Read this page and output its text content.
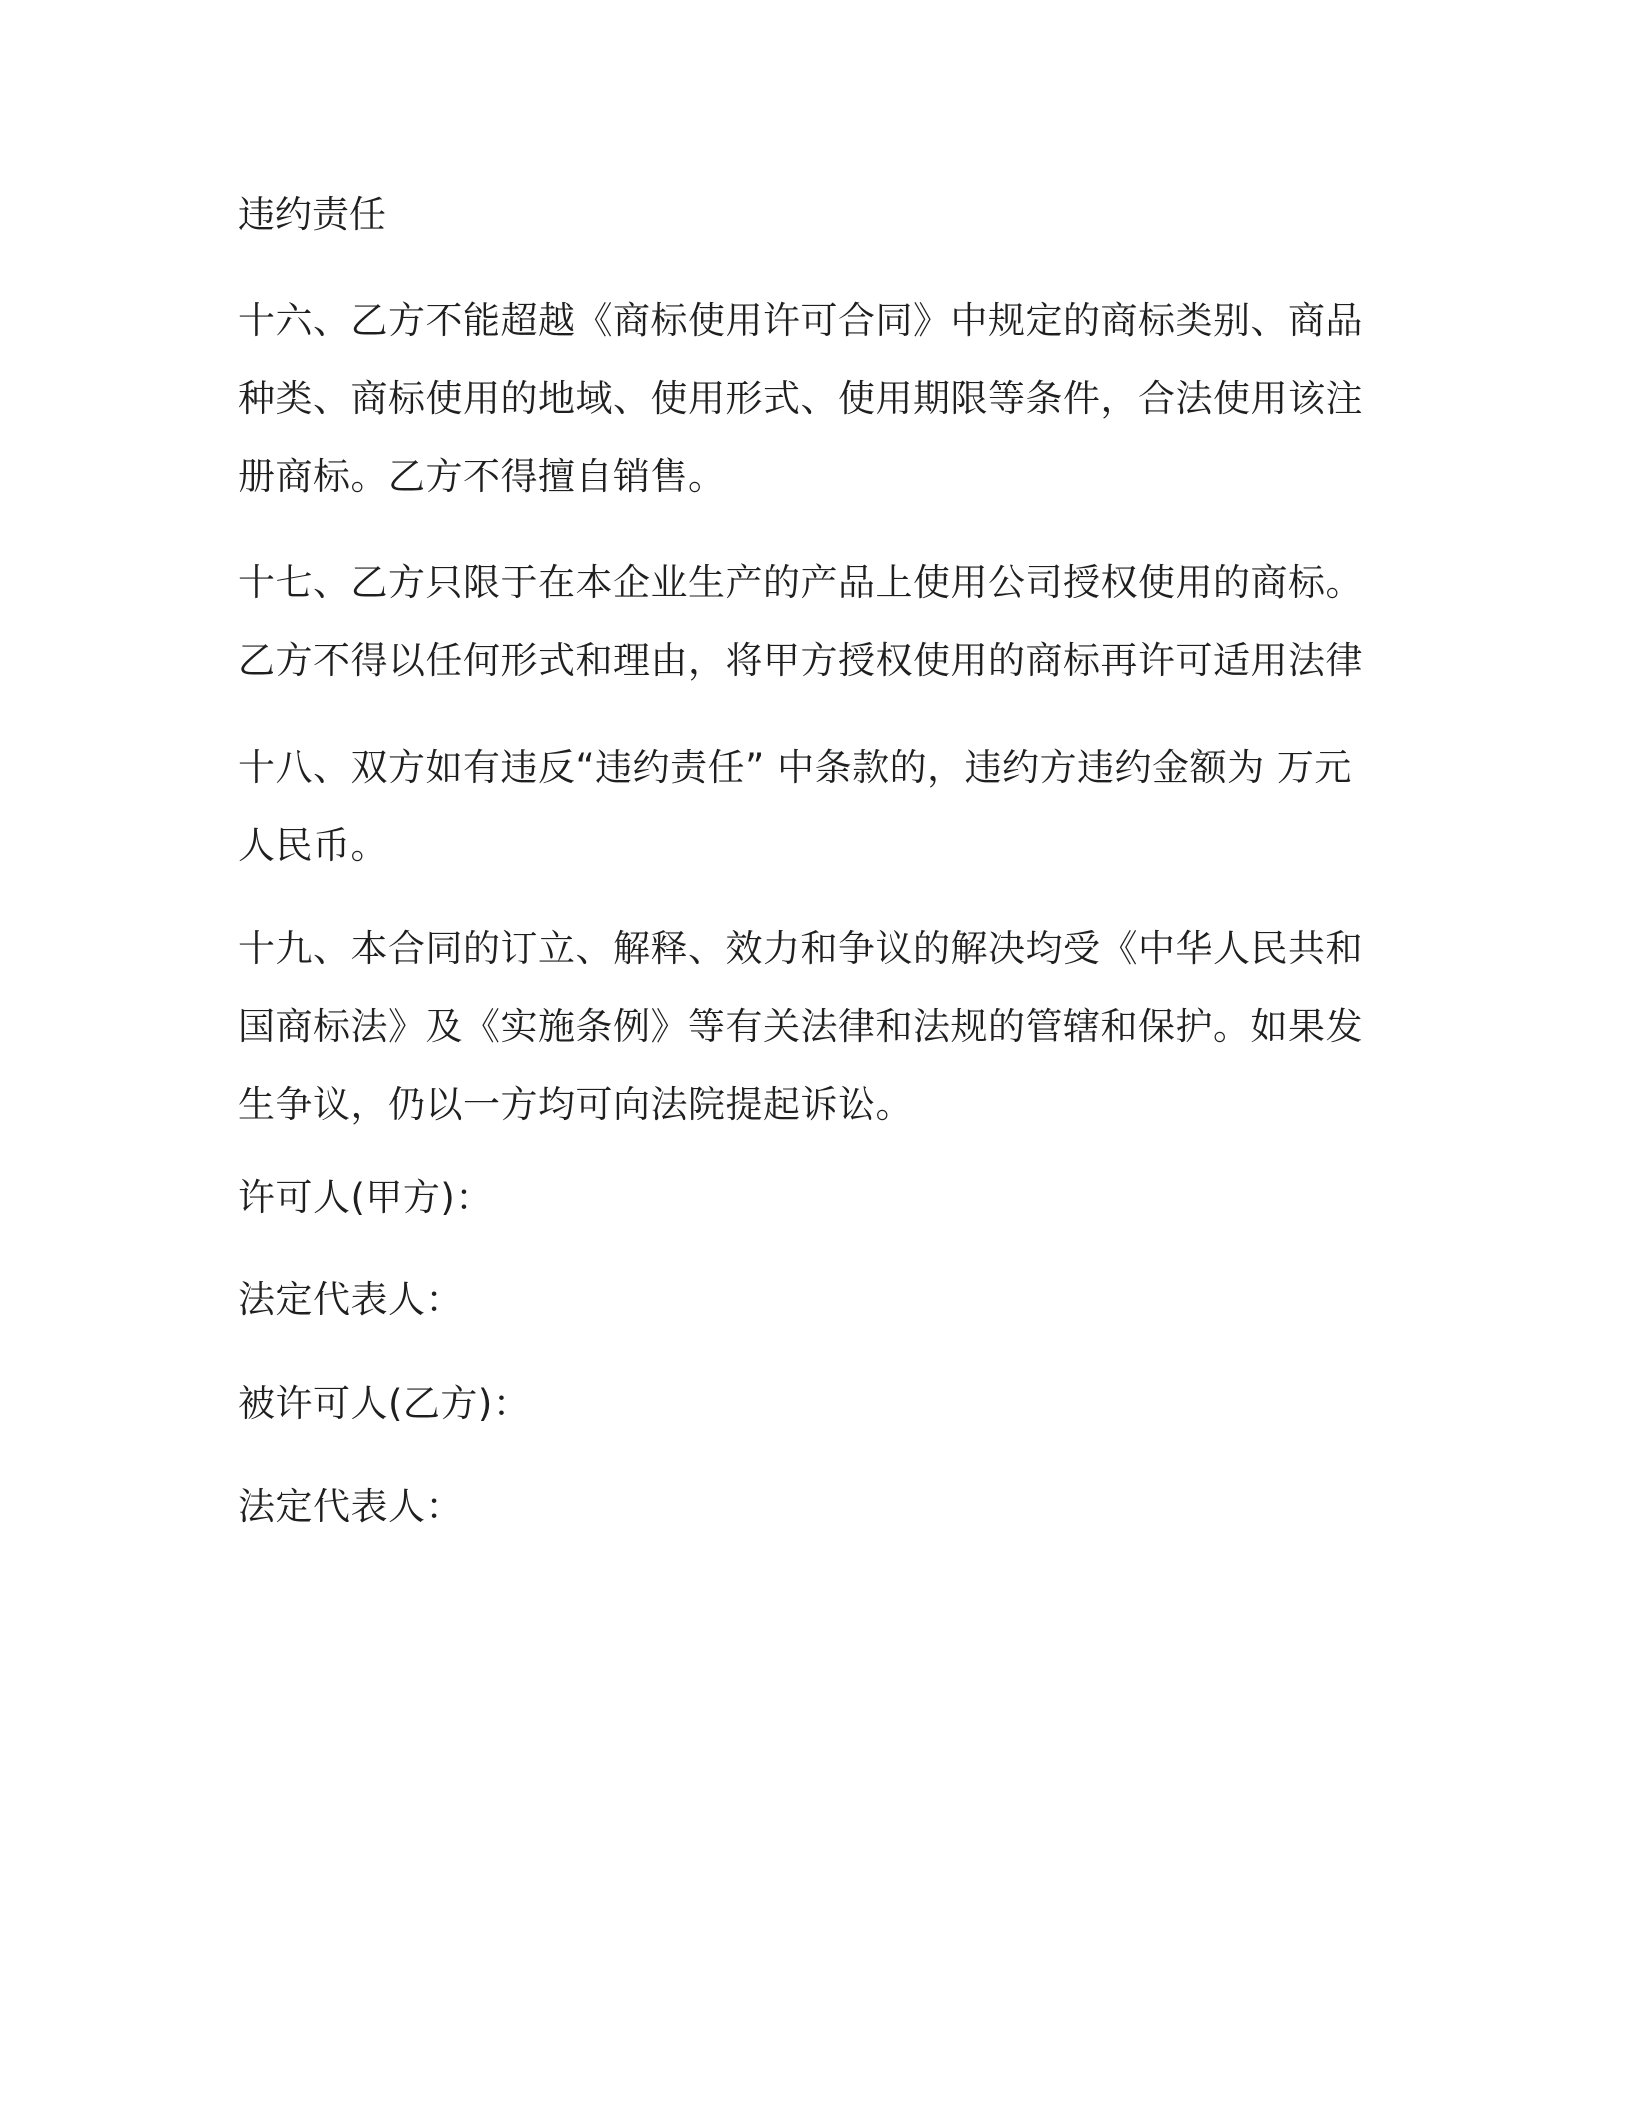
违约责任
十六、乙方不能超越《商标使用许可合同》中规定的商标类别、商品
种类、商标使用的地域、使用形式、使用期限等条件，合法使用该注
册商标。乙方不得擅自销售。
十七、乙方只限于在本企业生产的产品上使用公司授权使用的商标。
乙方不得以任何形式和理由，将甲方授权使用的商标再许可适用法律
十八、双方如有违反“违约责任” 中条款的，违约方违约金额为 万元
人民币。
十九、本合同的订立、解释、效力和争议的解决均受《中华人民共和
国商标法》及《实施条例》等有关法律和法规的管辖和保护。如果发
生争议，仍以一方均可向法院提起诉讼。
许可人(甲方)：
法定代表人：
被许可人(乙方)：
法定代表人：
